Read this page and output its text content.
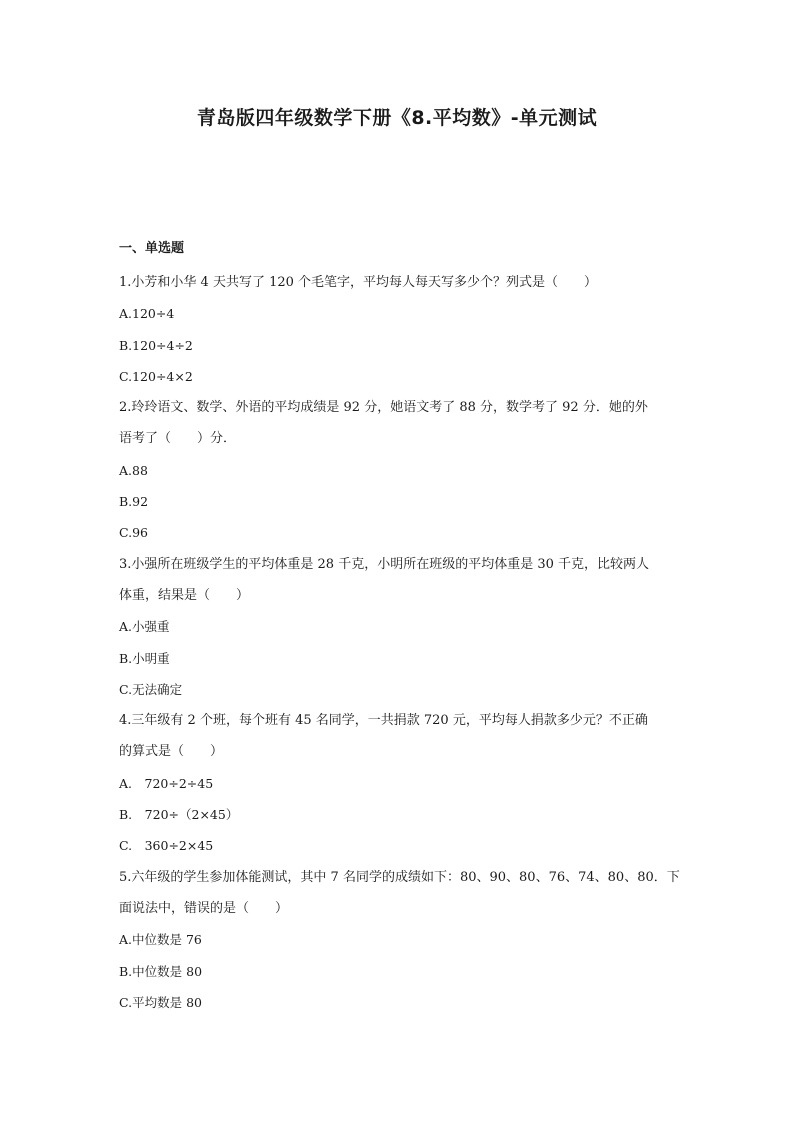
青岛版四年级数学下册《8.平均数》-单元测试
一、单选题
1.小芳和小华 4 天共写了 120 个毛笔字，平均每人每天写多少个？列式是（　　）
A.120÷4
B.120÷4÷2
C.120÷4×2
2.玲玲语文、数学、外语的平均成绩是 92 分，她语文考了 88 分，数学考了 92 分．她的外
语考了（　　）分．
A.88
B.92
C.96
3.小强所在班级学生的平均体重是 28 千克，小明所在班级的平均体重是 30 千克，比较两人
体重，结果是（　　）
A.小强重
B.小明重
C.无法确定
4.三年级有 2 个班，每个班有 45 名同学，一共捐款 720 元，平均每人捐款多少元？不正确
的算式是（　　）
A.　720÷2÷45
B.　720÷（2×45）
C.　360÷2×45
5.六年级的学生参加体能测试，其中 7 名同学的成绩如下：80、90、80、76、74、80、80．下
面说法中，错误的是（　　）
A.中位数是 76
B.中位数是 80
C.平均数是 80
